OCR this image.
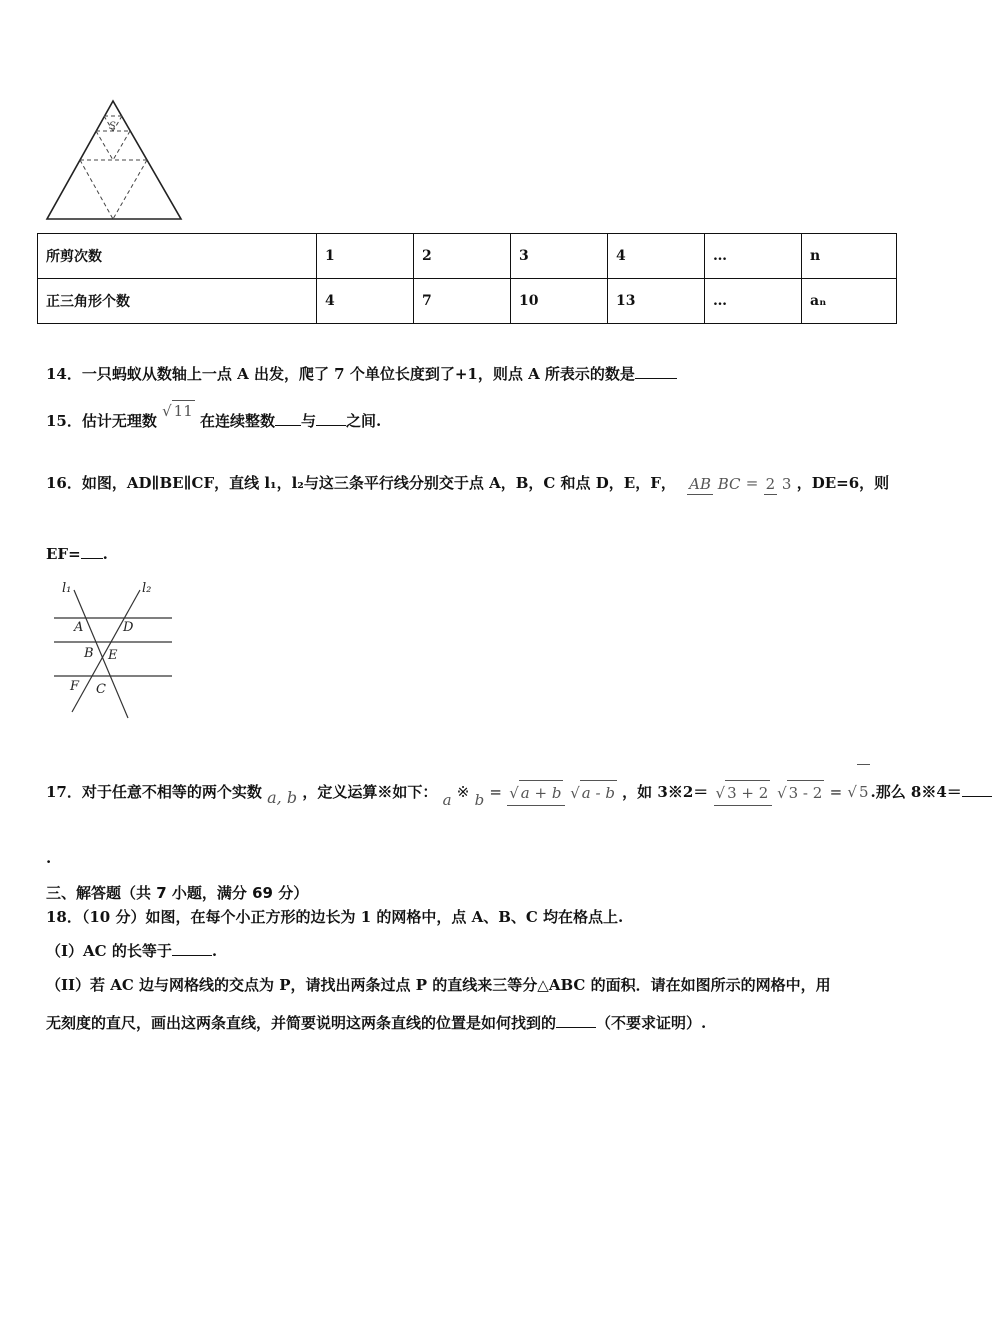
S
所剪次数	1	2	3	4	…	n
正三角形个数	4	7	10	13	…	aₙ
14．一只蚂蚁从数轴上一点 A 出发，爬了 7 个单位长度到了+1，则点 A 所表示的数是
15．估计无理数 √ 11 在连续整数 与 之间.
16．如图，AD∥BE∥CF，直线 l₁，l₂与这三条平行线分别交于点 A，B，C 和点 D，E，F， AB BC = 2 3 ，DE=6，则
EF= .
l₁	l₂
A	D
B E
F C
17．对于任意不相等的两个实数 a, b ，定义运算※如下： a ※ b = √ a + b √ a - b ，如 3※2＝ √ 3 + 2 √ 3 - 2 = √ 5 .那么 8※4＝
.
三、解答题（共 7 小题，满分 69 分）
18．（10 分）如图，在每个小正方形的边长为 1 的网格中，点 A、B、C 均在格点上.
（I）AC 的长等于	.
（II）若 AC 边与网格线的交点为 P，请找出两条过点 P 的直线来三等分△ABC 的面积．请在如图所示的网格中，用
无刻度的直尺，画出这两条直线，并简要说明这两条直线的位置是如何找到的	（不要求证明）.
